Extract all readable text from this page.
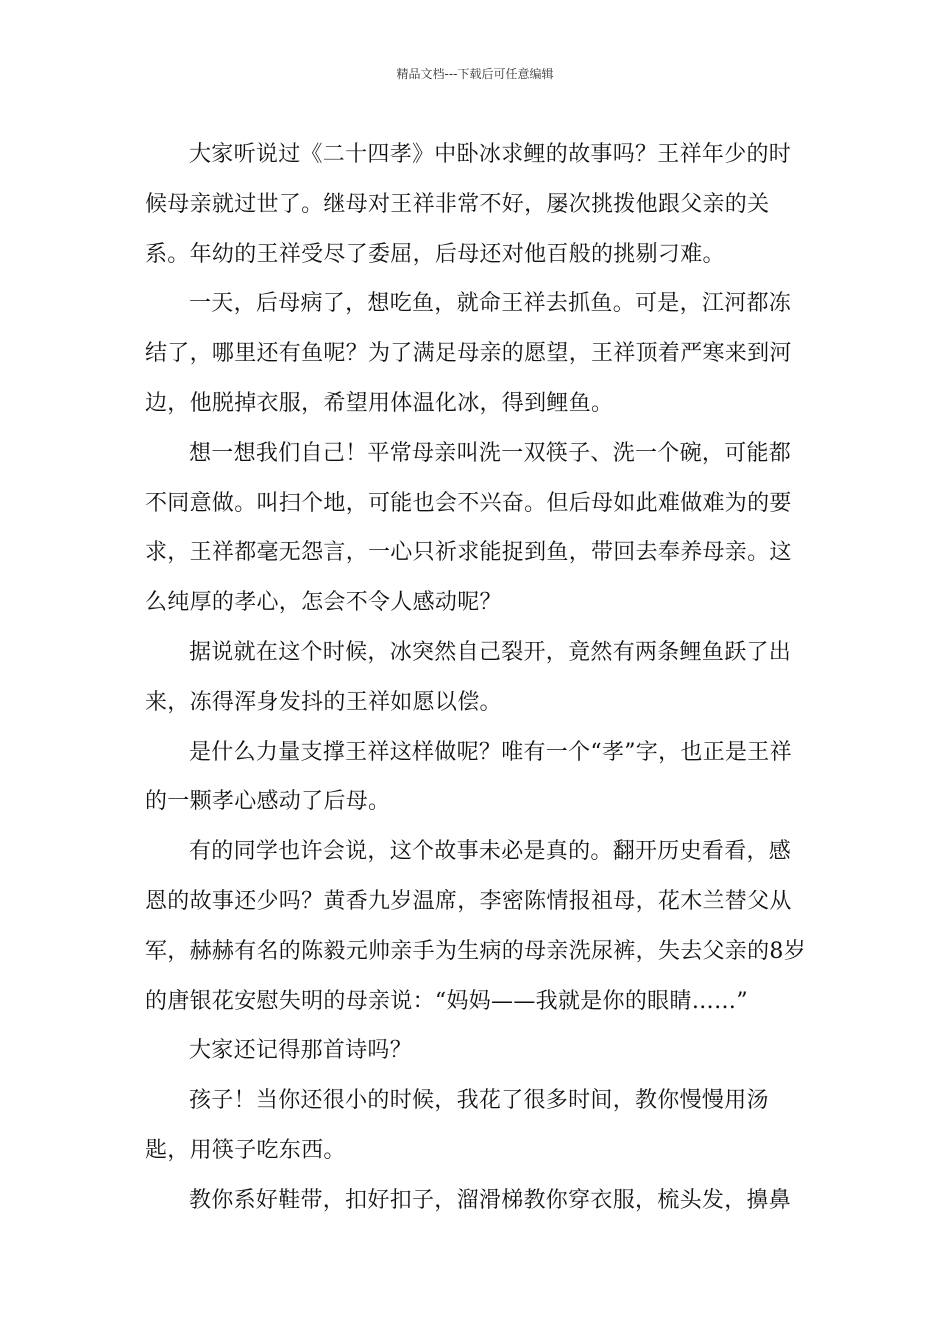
精品文档---下载后可任意编辑

大家听说过《二十四孝》中卧冰求鲤的故事吗？王祥年少的时候母亲就过世了。继母对王祥非常不好，屡次挑拨他跟父亲的关系。年幼的王祥受尽了委屈，后母还对他百般的挑剔刁难。

一天，后母病了，想吃鱼，就命王祥去抓鱼。可是，江河都冻结了，哪里还有鱼呢？为了满足母亲的愿望，王祥顶着严寒来到河边，他脱掉衣服，希望用体温化冰，得到鲤鱼。

想一想我们自己！平常母亲叫洗一双筷子、洗一个碗，可能都不同意做。叫扫个地，可能也会不兴奋。但后母如此难做难为的要求，王祥都毫无怨言，一心只祈求能捉到鱼，带回去奉养母亲。这么纯厚的孝心，怎会不令人感动呢？

据说就在这个时候，冰突然自己裂开，竟然有两条鲤鱼跃了出来，冻得浑身发抖的王祥如愿以偿。

是什么力量支撑王祥这样做呢？唯有一个“孝”字，也正是王祥的一颗孝心感动了后母。

有的同学也许会说，这个故事未必是真的。翻开历史看看，感恩的故事还少吗？黄香九岁温席，李密陈情报祖母，花木兰替父从军，赫赫有名的陈毅元帅亲手为生病的母亲洗尿裤，失去父亲的8岁的唐银花安慰失明的母亲说：“妈妈——我就是你的眼睛……”

大家还记得那首诗吗？

孩子！当你还很小的时候，我花了很多时间，教你慢慢用汤匙，用筷子吃东西。

教你系好鞋带，扣好扣子，溜滑梯教你穿衣服，梳头发，擤鼻
